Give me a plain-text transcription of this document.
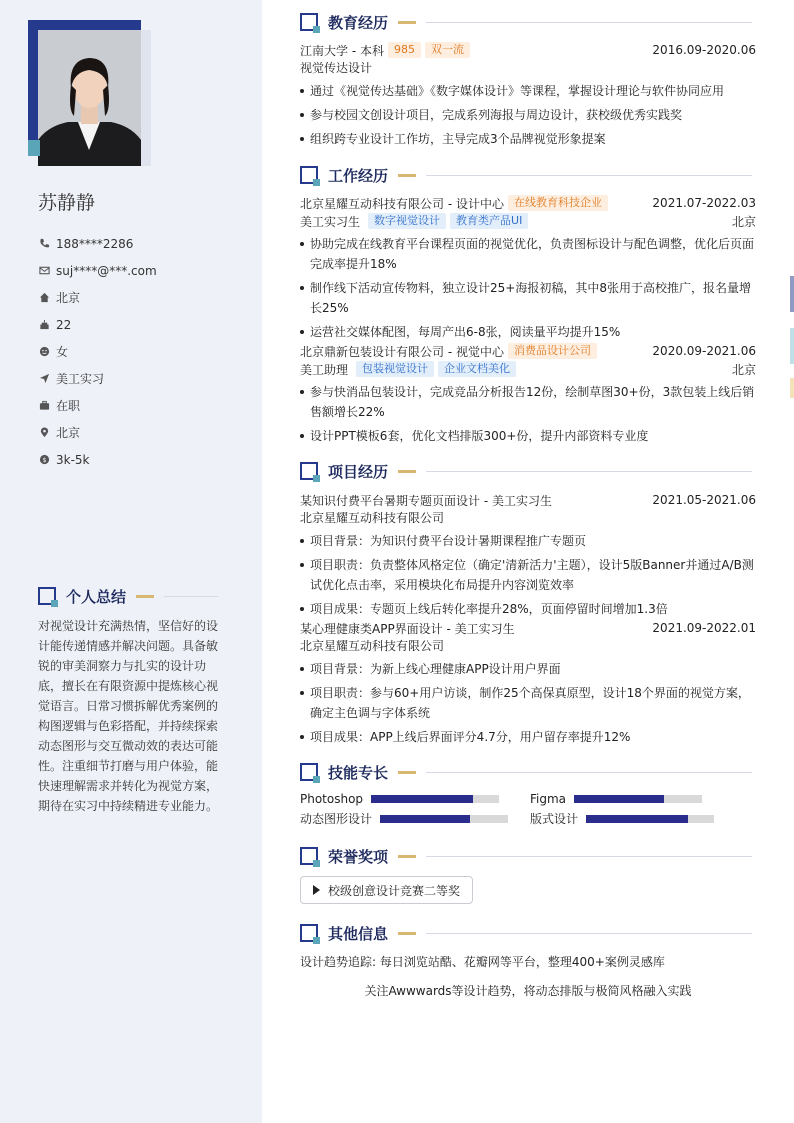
苏静静
188****2286
suj****@***.com
北京
22
女
美工实习
在职
北京
$ 3k-5k
个人总结
对视觉设计充满热情，坚信好的设计能传递情感并解决问题。具备敏锐的审美洞察力与扎实的设计功底，擅长在有限资源中提炼核心视觉语言。日常习惯拆解优秀案例的构图逻辑与色彩搭配，并持续探索动态图形与交互微动效的表达可能性。注重细节打磨与用户体验，能快速理解需求并转化为视觉方案，期待在实习中持续精进专业能力。
教育经历
江南大学 - 本科 985	双一流	2016.09-2020.06
视觉传达设计
通过《视觉传达基础》《数字媒体设计》等课程，掌握设计理论与软件协同应用
参与校园文创设计项目，完成系列海报与周边设计，获校级优秀实践奖
组织跨专业设计工作坊，主导完成3个品牌视觉形象提案
工作经历
北京星耀互动科技有限公司 - 设计中心 在线教育科技企业	2021.07-2022.03
美工实习生	数字视觉设计	教育类产品UI	北京
协助完成在线教育平台课程页面的视觉优化，负责图标设计与配色调整，优化后页面完成率提升18%
制作线下活动宣传物料，独立设计25+海报初稿，其中8张用于高校推广，报名量增长25%
运营社交媒体配图，每周产出6-8张，阅读量平均提升15%
北京鼎新包装设计有限公司 - 视觉中心 消费品设计公司	2020.09-2021.06
美工助理	包装视觉设计	企业文档美化	北京
参与快消品包装设计，完成竞品分析报告12份，绘制草图30+份，3款包装上线后销售额增长22%
设计PPT模板6套，优化文档排版300+份，提升内部资料专业度
项目经历
某知识付费平台暑期专题页面设计 - 美工实习生	2021.05-2021.06
北京星耀互动科技有限公司
项目背景：为知识付费平台设计暑期课程推广专题页
项目职责：负责整体风格定位（确定'清新活力'主题），设计5版Banner并通过A/B测试优化点击率，采用模块化布局提升内容浏览效率
项目成果：专题页上线后转化率提升28%，页面停留时间增加1.3倍
某心理健康类APP界面设计 - 美工实习生	2021.09-2022.01
北京星耀互动科技有限公司
项目背景：为新上线心理健康APP设计用户界面
项目职责：参与60+用户访谈，制作25个高保真原型，设计18个界面的视觉方案，确定主色调与字体系统
项目成果：APP上线后界面评分4.7分，用户留存率提升12%
技能专长
Photoshop	Figma
动态图形设计	版式设计
荣誉奖项
校级创意设计竞赛二等奖
其他信息
设计趋势追踪: 每日浏览站酷、花瓣网等平台，整理400+案例灵感库
关注Awwwards等设计趋势，将动态排版与极简风格融入实践
